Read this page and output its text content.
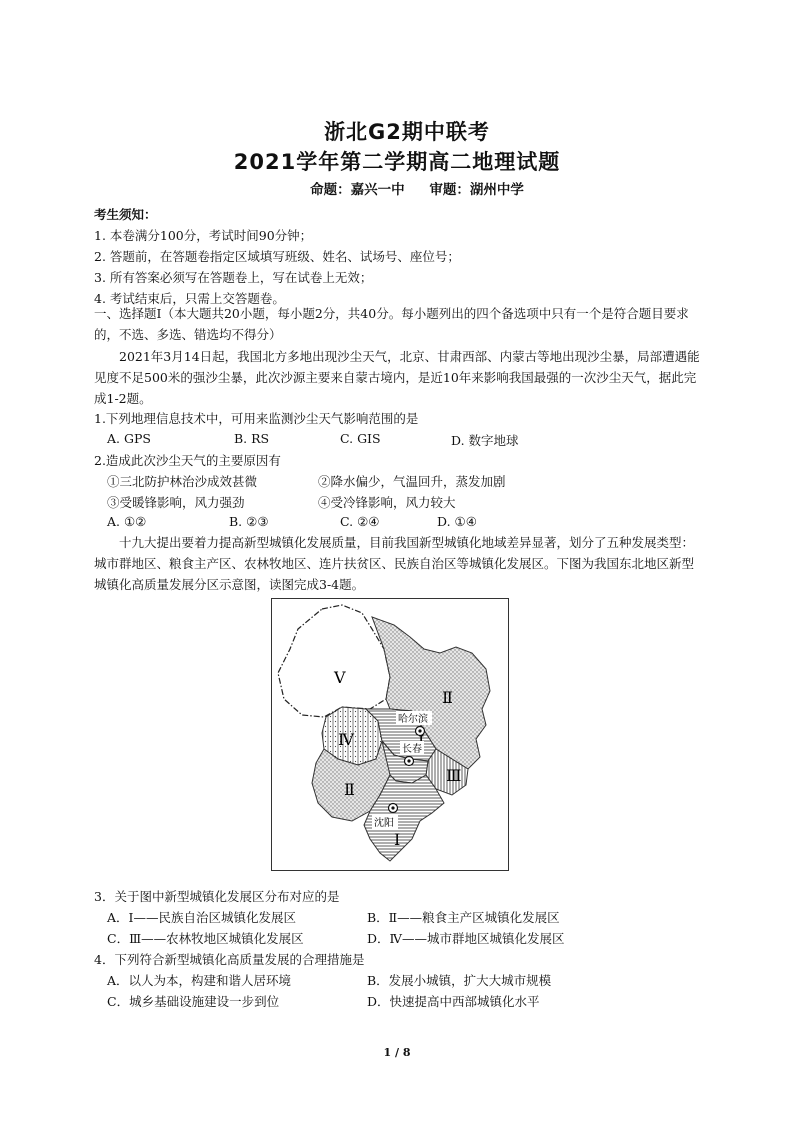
浙北G2期中联考
2021学年第二学期高二地理试题
命题：嘉兴一中 审题：湖州中学
考生须知：
1. 本卷满分100分，考试时间90分钟；
2. 答题前，在答题卷指定区域填写班级、姓名、试场号、座位号；
3. 所有答案必须写在答题卷上，写在试卷上无效；
4. 考试结束后，只需上交答题卷。
一、选择题Ⅰ（本大题共20小题，每小题2分，共40分。每小题列出的四个备选项中只有一个是符合题目要求的，不选、多选、错选均不得分）
2021年3月14日起，我国北方多地出现沙尘天气，北京、甘肃西部、内蒙古等地出现沙尘暴，局部遭遇能见度不足500米的强沙尘暴，此次沙源主要来自蒙古境内，是近10年来影响我国最强的一次沙尘天气，据此完成1-2题。
1.下列地理信息技术中，可用来监测沙尘天气影响范围的是
A. GPS	B. RS	C. GIS	D. 数字地球
2.造成此次沙尘天气的主要原因有
①三北防护林治沙成效甚微	②降水偏少，气温回升，蒸发加剧
③受暖锋影响，风力强劲	④受冷锋影响，风力较大
A. ①②	B. ②③	C. ②④	D. ①④
十九大提出要着力提高新型城镇化发展质量，目前我国新型城镇化地域差异显著，划分了五种发展类型：城市群地区、粮食主产区、农林牧地区、连片扶贫区、民族自治区等城镇化发展区。下图为我国东北地区新型城镇化高质量发展分区示意图，读图完成3-4题。
Ⅴ
Ⅱ
Ⅳ
Ⅲ
Ⅱ
Ⅰ
哈尔滨
长春
沈阳
3．关于图中新型城镇化发展区分布对应的是
A．Ⅰ——民族自治区城镇化发展区	B．Ⅱ——粮食主产区城镇化发展区
C．Ⅲ——农林牧地区城镇化发展区	D．Ⅳ——城市群地区城镇化发展区
4．下列符合新型城镇化高质量发展的合理措施是
A．以人为本，构建和谐人居环境	B．发展小城镇，扩大大城市规模
C．城乡基础设施建设一步到位	D．快速提高中西部城镇化水平
1 / 8
